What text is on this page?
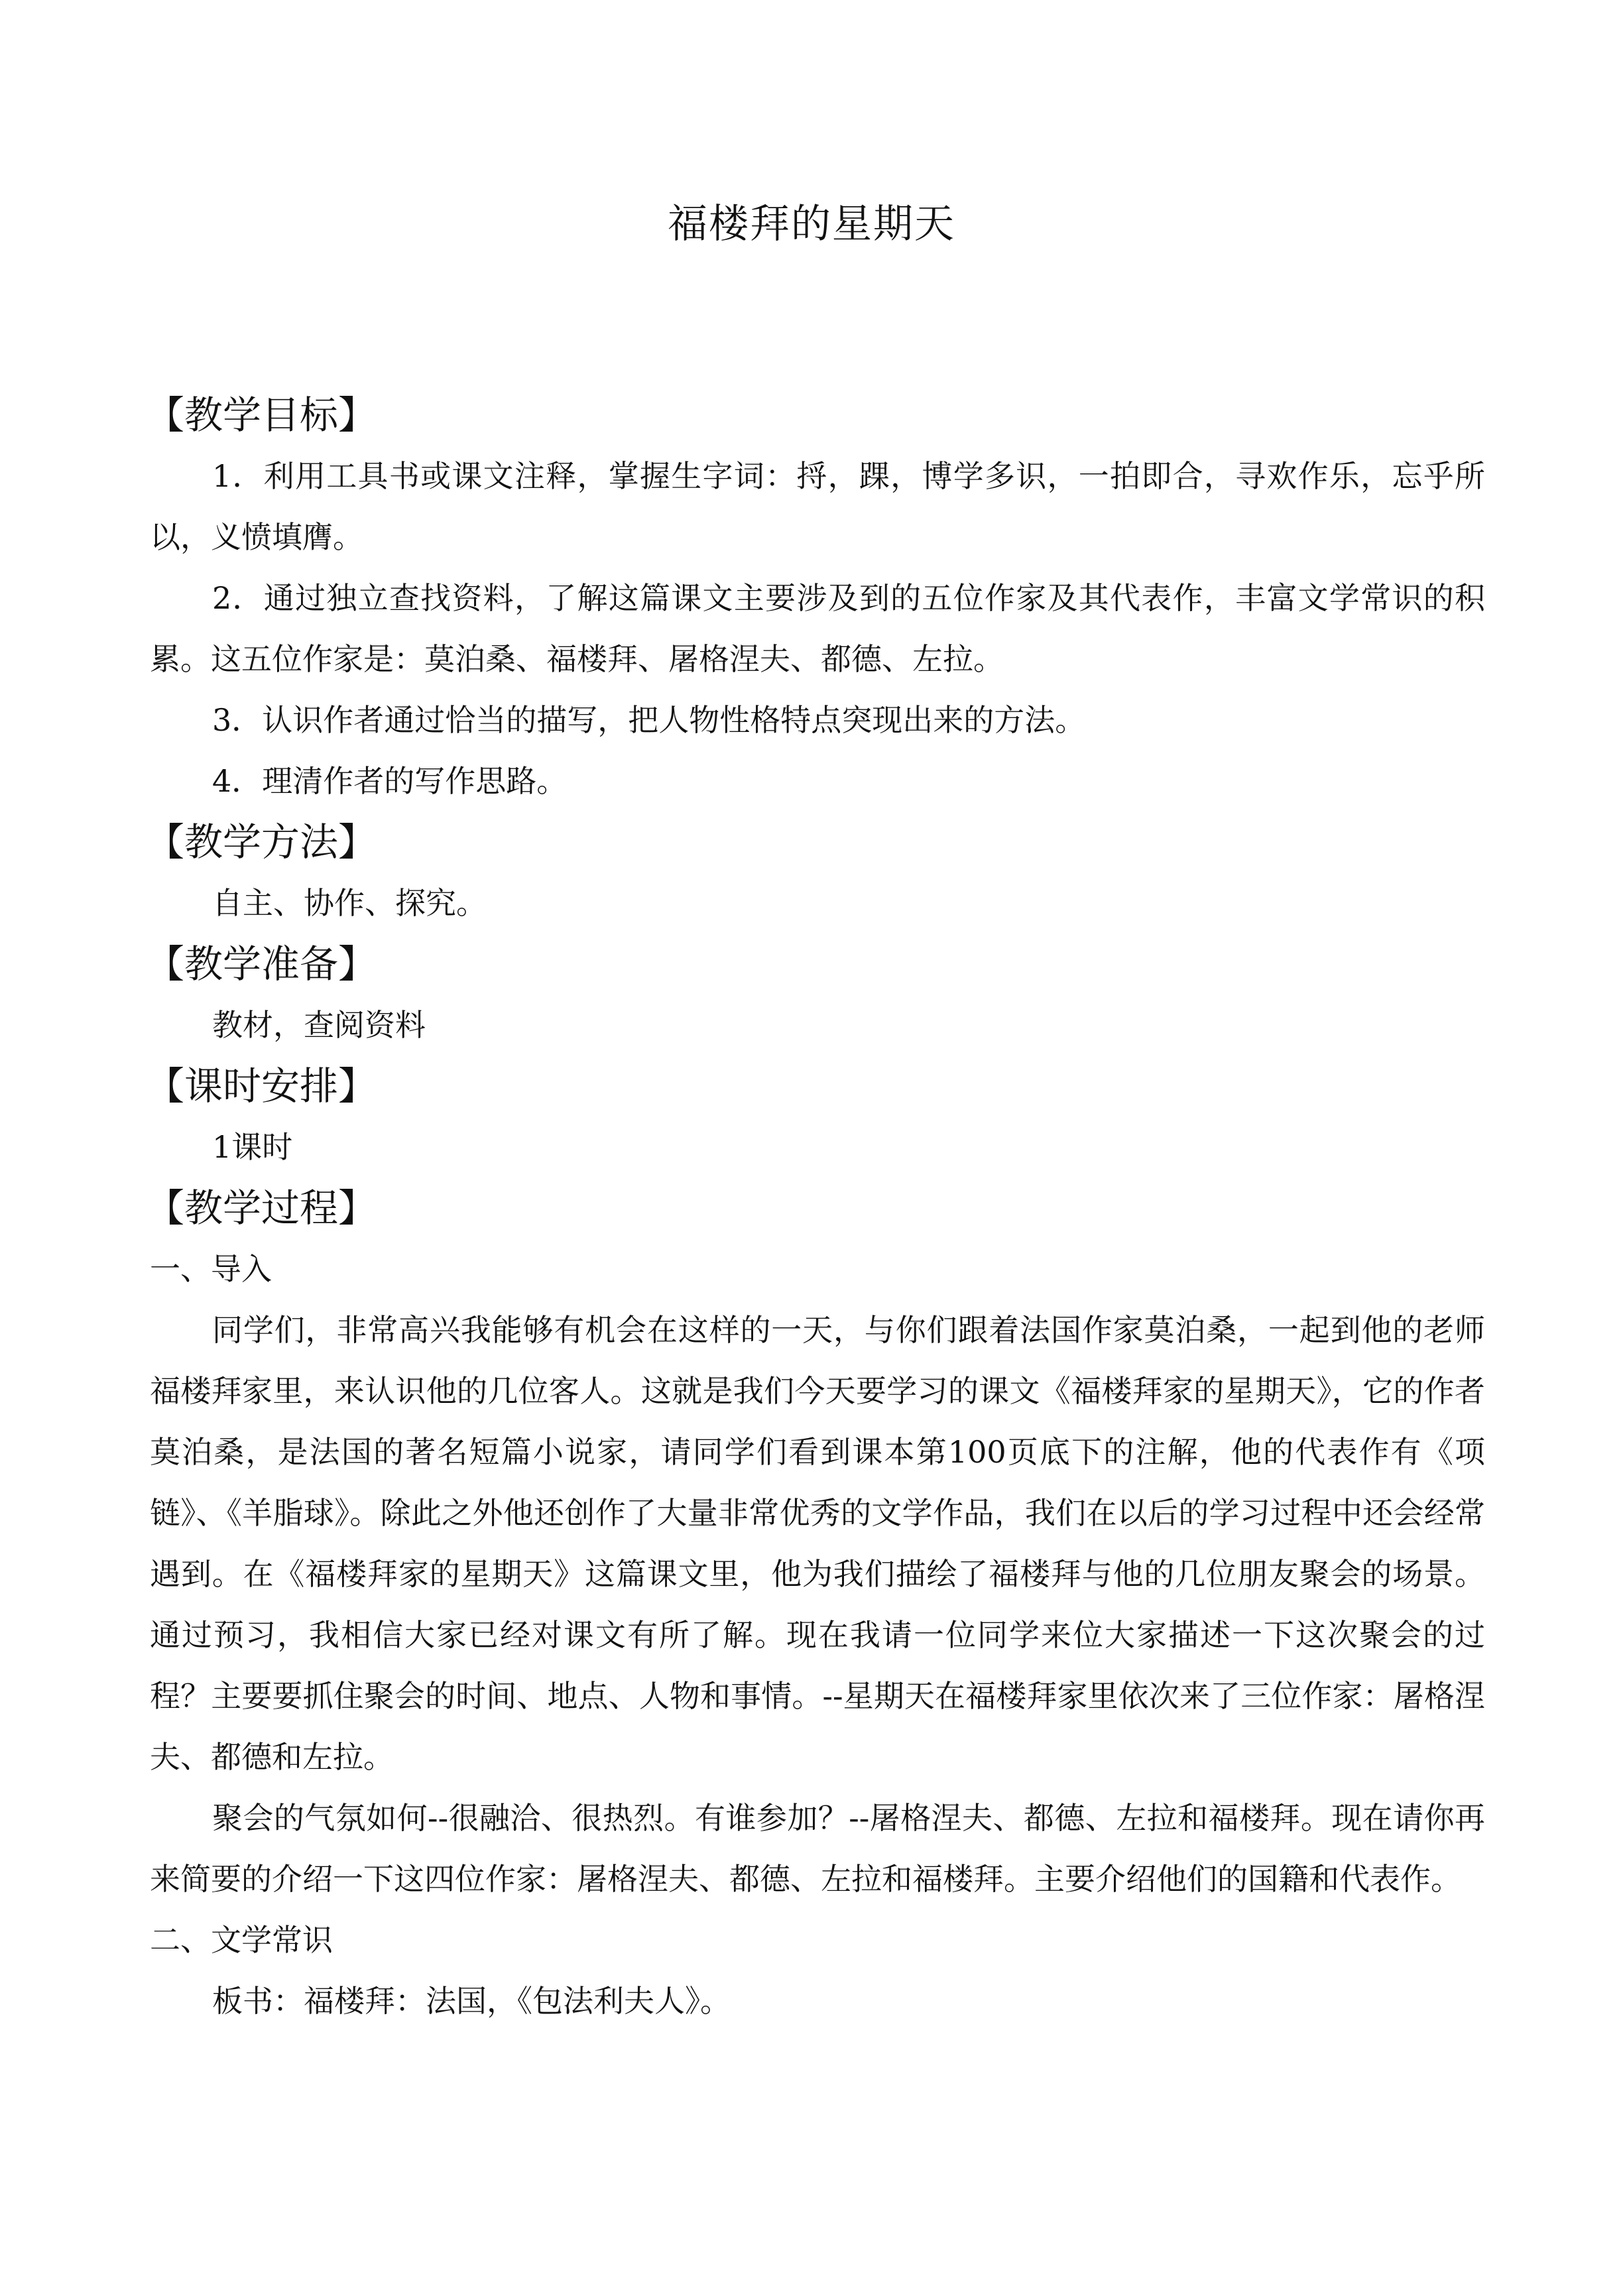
福楼拜的星期天
【教学目标】

1．利用工具书或课文注释，掌握生字词：捋，踝，博学多识，一拍即合，寻欢作乐，忘乎所以，义愤填膺。

2．通过独立查找资料，了解这篇课文主要涉及到的五位作家及其代表作，丰富文学常识的积累。这五位作家是：莫泊桑、福楼拜、屠格涅夫、都德、左拉。

3．认识作者通过恰当的描写，把人物性格特点突现出来的方法。

4．理清作者的写作思路。

【教学方法】

自主、协作、探究。

【教学准备】

教材，查阅资料

【课时安排】

1课时

【教学过程】

一、导入

同学们，非常高兴我能够有机会在这样的一天，与你们跟着法国作家莫泊桑，一起到他的老师福楼拜家里，来认识他的几位客人。这就是我们今天要学习的课文《福楼拜家的星期天》，它的作者莫泊桑，是法国的著名短篇小说家，请同学们看到课本第100页底下的注解，他的代表作有《项链》、《羊脂球》。除此之外他还创作了大量非常优秀的文学作品，我们在以后的学习过程中还会经常遇到。在《福楼拜家的星期天》这篇课文里，他为我们描绘了福楼拜与他的几位朋友聚会的场景。通过预习，我相信大家已经对课文有所了解。现在我请一位同学来位大家描述一下这次聚会的过程？主要要抓住聚会的时间、地点、人物和事情。--星期天在福楼拜家里依次来了三位作家：屠格涅夫、都德和左拉。

聚会的气氛如何--很融洽、很热烈。有谁参加？--屠格涅夫、都德、左拉和福楼拜。现在请你再来简要的介绍一下这四位作家：屠格涅夫、都德、左拉和福楼拜。主要介绍他们的国籍和代表作。

二、文学常识

板书：福楼拜：法国，《包法利夫人》。
